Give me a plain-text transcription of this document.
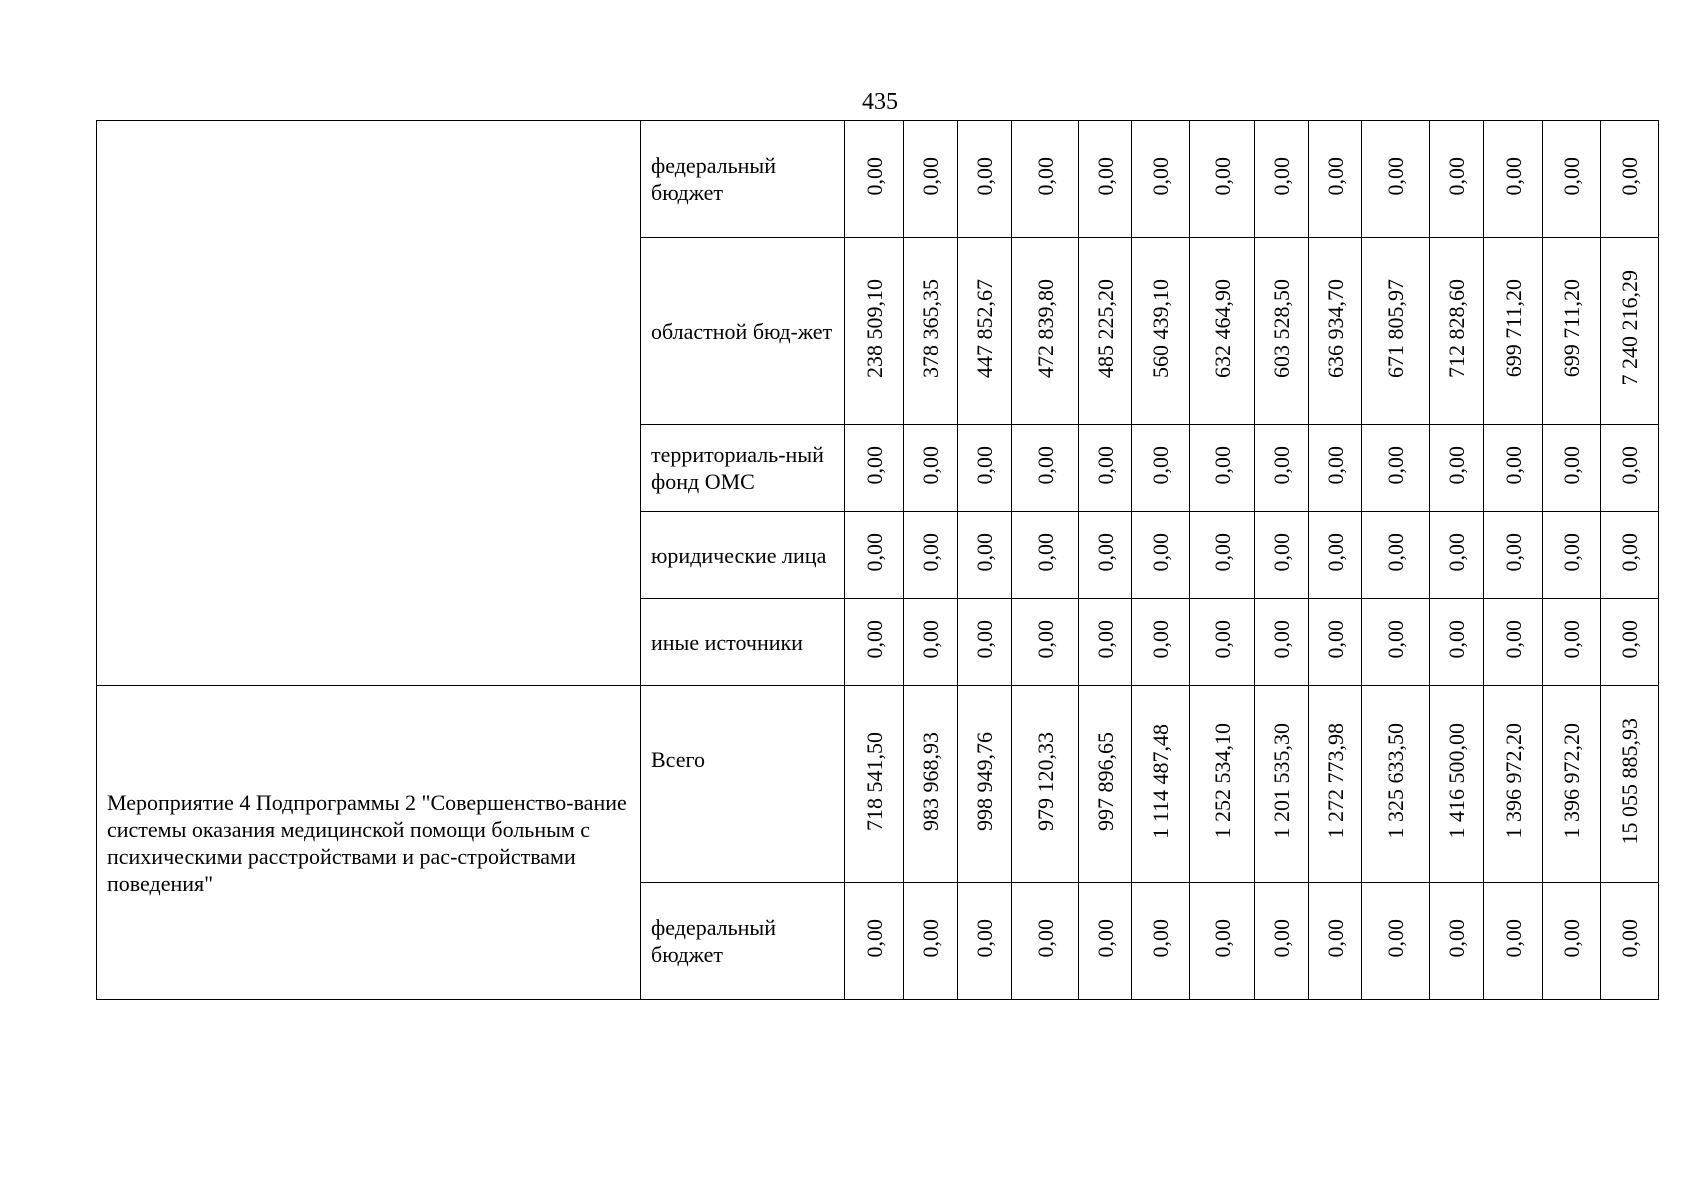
435

	федеральный бюджет	0,00	0,00	0,00	0,00	0,00	0,00	0,00	0,00	0,00	0,00	0,00	0,00	0,00	0,00

	областной бюд-жет	238 509,10	378 365,35	447 852,67	472 839,80	485 225,20	560 439,10	632 464,90	603 528,50	636 934,70	671 805,97	712 828,60	699 711,20	699 711,20	7 240 216,29

	территориаль-ный фонд ОМС	0,00	0,00	0,00	0,00	0,00	0,00	0,00	0,00	0,00	0,00	0,00	0,00	0,00	0,00

	юридические лица	0,00	0,00	0,00	0,00	0,00	0,00	0,00	0,00	0,00	0,00	0,00	0,00	0,00	0,00

	иные источники	0,00	0,00	0,00	0,00	0,00	0,00	0,00	0,00	0,00	0,00	0,00	0,00	0,00	0,00
Мероприятие 4 Подпрограммы 2 "Совершенство-вание системы оказания медицинской помощи больным с психическими расстройствами и рас-стройствами поведения"	Всего	718 541,50	983 968,93	998 949,76	979 120,33	997 896,65	1 114 487,48	1 252 534,10	1 201 535,30	1 272 773,98	1 325 633,50	1 416 500,00	1 396 972,20	1 396 972,20	15 055 885,93

	федеральный бюджет	0,00	0,00	0,00	0,00	0,00	0,00	0,00	0,00	0,00	0,00	0,00	0,00	0,00	0,00
